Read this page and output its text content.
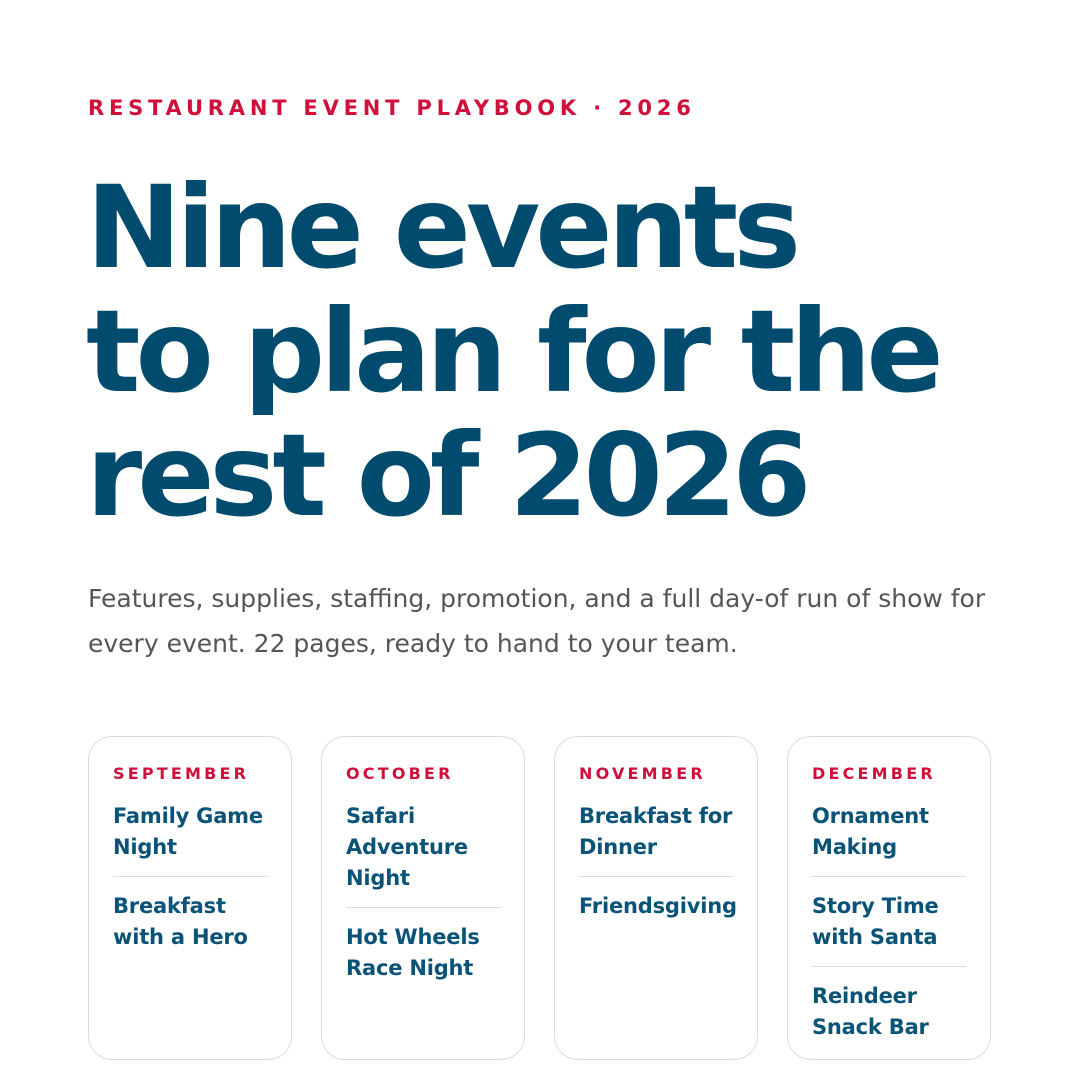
RESTAURANT EVENT PLAYBOOK · 2026
Nine events
to plan for the
rest of 2026

Features, supplies, staffing, promotion, and a full day-of run of show for every event. 22 pages, ready to hand to your team.

SEPTEMBER
Family Game Night
Breakfast with a Hero
OCTOBER
Safari Adventure Night
Hot Wheels Race Night
NOVEMBER
Breakfast for Dinner
Friendsgiving
DECEMBER
Ornament Making
Story Time with Santa
Reindeer Snack Bar
